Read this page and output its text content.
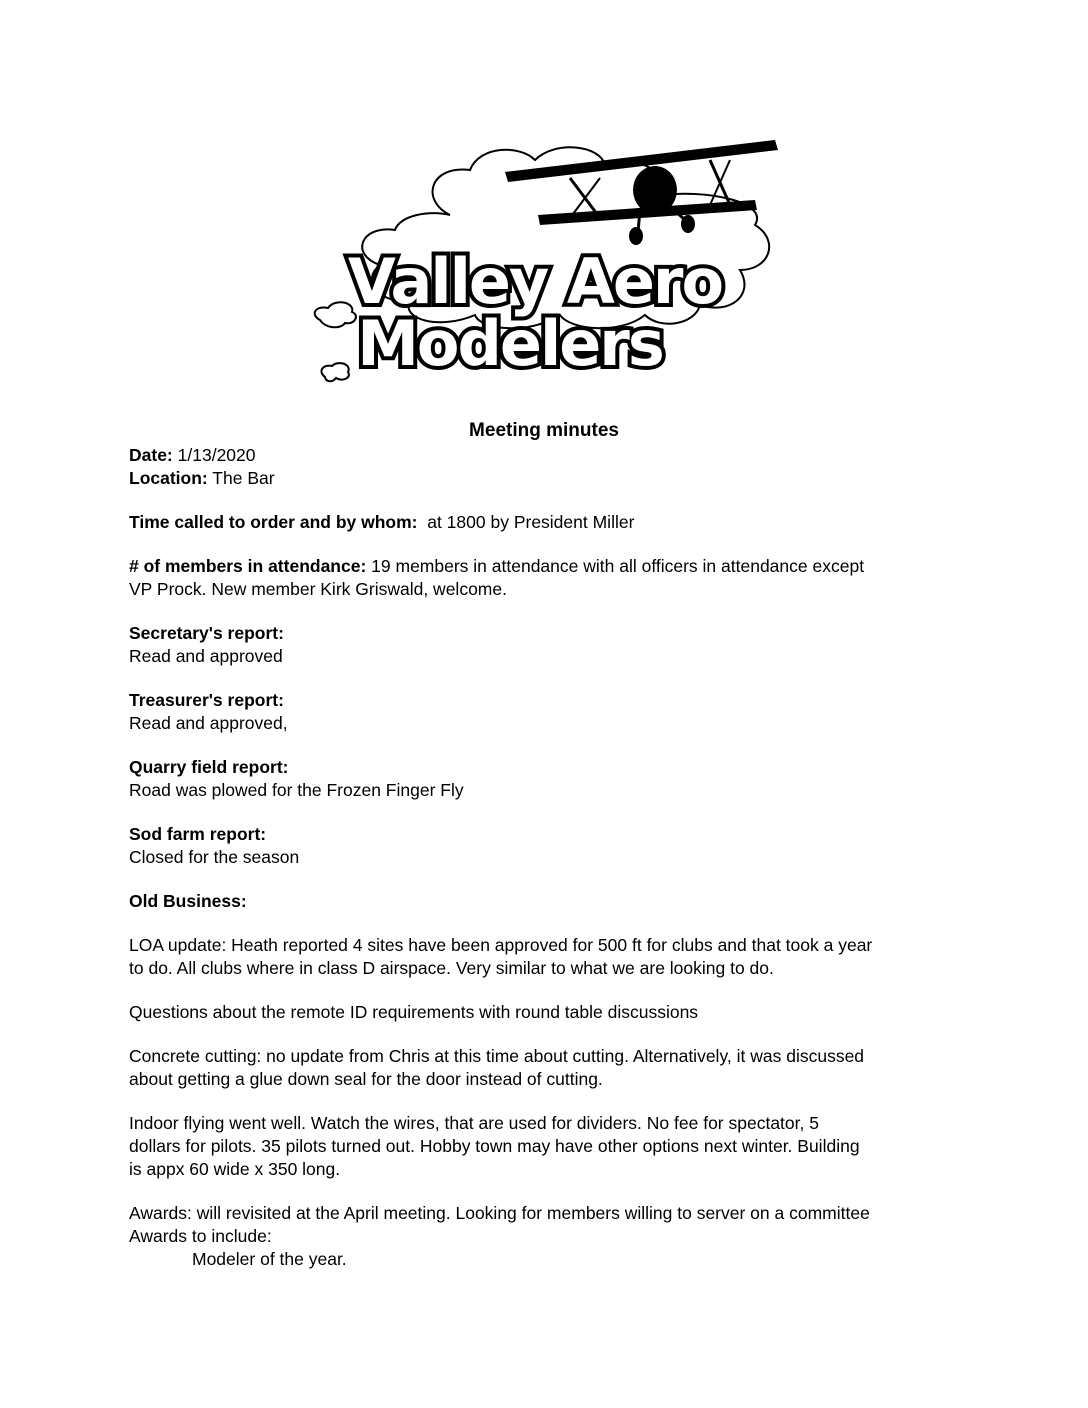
Valley Aero
Modelers
Meeting minutes

Date: 1/13/2020

Location: The Bar

Time called to order and by whom: at 1800 by President Miller

# of members in attendance: 19 members in attendance with all officers in attendance except

VP Prock. New member Kirk Griswald, welcome.

Secretary's report:

Read and approved

Treasurer's report:

Read and approved,

Quarry field report:

Road was plowed for the Frozen Finger Fly

Sod farm report:

Closed for the season

Old Business:

LOA update: Heath reported 4 sites have been approved for 500 ft for clubs and that took a year

to do. All clubs where in class D airspace. Very similar to what we are looking to do.

Questions about the remote ID requirements with round table discussions

Concrete cutting: no update from Chris at this time about cutting. Alternatively, it was discussed

about getting a glue down seal for the door instead of cutting.

Indoor flying went well. Watch the wires, that are used for dividers. No fee for spectator, 5

dollars for pilots. 35 pilots turned out. Hobby town may have other options next winter. Building

is appx 60 wide x 350 long.

Awards: will revisited at the April meeting. Looking for members willing to server on a committee

Awards to include:

Modeler of the year.
